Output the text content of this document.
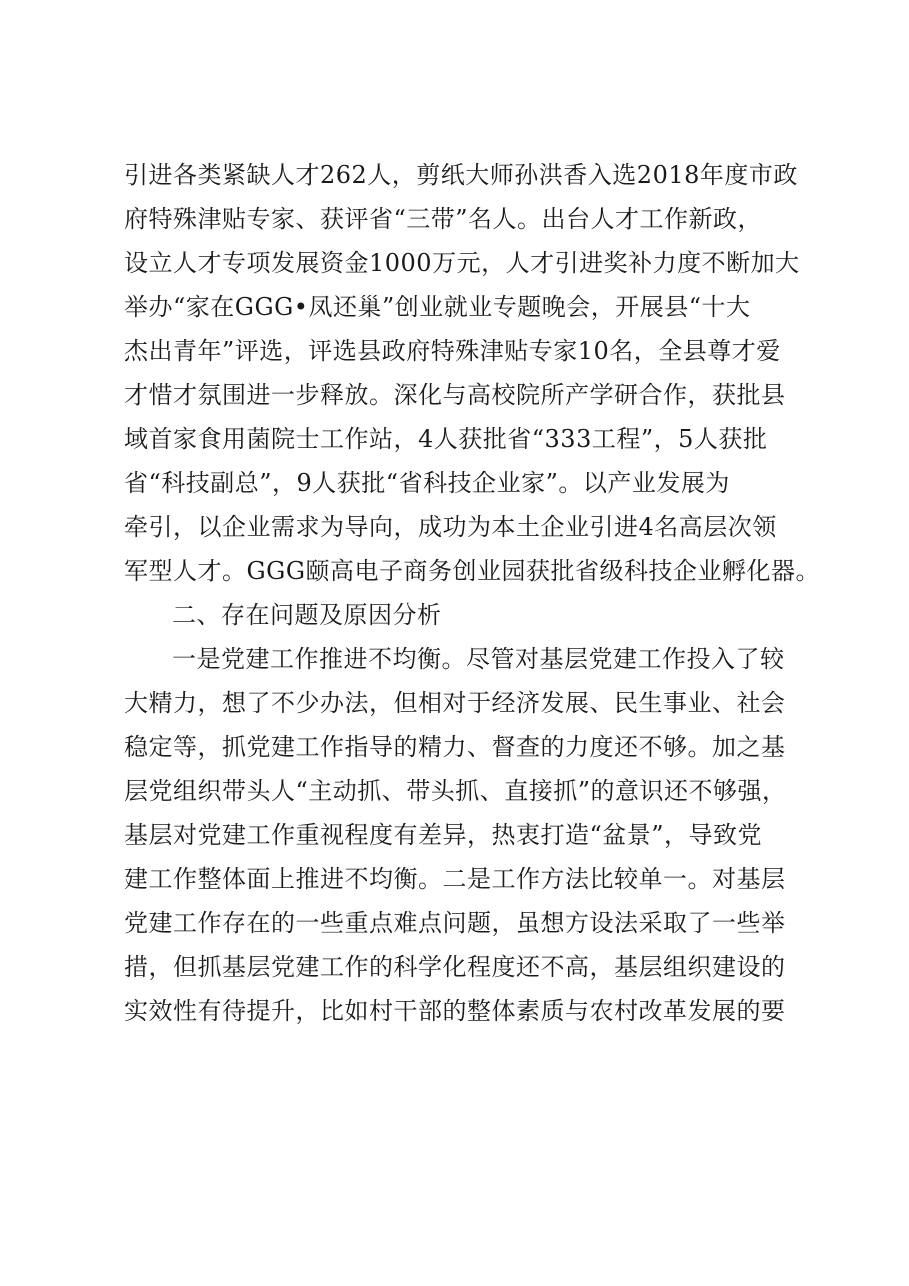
引进各类紧缺人才262人，剪纸大师孙洪香入选2018年度市政
府特殊津贴专家、获评省“三带”名人。出台人才工作新政，
设立人才专项发展资金1000万元，人才引进奖补力度不断加大
举办“家在GGG•凤还巢”创业就业专题晚会，开展县“十大
杰出青年”评选，评选县政府特殊津贴专家10名，全县尊才爱
才惜才氛围进一步释放。深化与高校院所产学研合作，获批县
域首家食用菌院士工作站，4人获批省“333工程”，5人获批
省“科技副总”，9人获批“省科技企业家”。以产业发展为
牵引，以企业需求为导向，成功为本土企业引进4名高层次领
军型人才。GGG颐高电子商务创业园获批省级科技企业孵化器。
二、存在问题及原因分析
一是党建工作推进不均衡。尽管对基层党建工作投入了较
大精力，想了不少办法，但相对于经济发展、民生事业、社会
稳定等，抓党建工作指导的精力、督查的力度还不够。加之基
层党组织带头人“主动抓、带头抓、直接抓”的意识还不够强，
基层对党建工作重视程度有差异，热衷打造“盆景”，导致党
建工作整体面上推进不均衡。二是工作方法比较单一。对基层
党建工作存在的一些重点难点问题，虽想方设法采取了一些举
措，但抓基层党建工作的科学化程度还不高，基层组织建设的
实效性有待提升，比如村干部的整体素质与农村改革发展的要
